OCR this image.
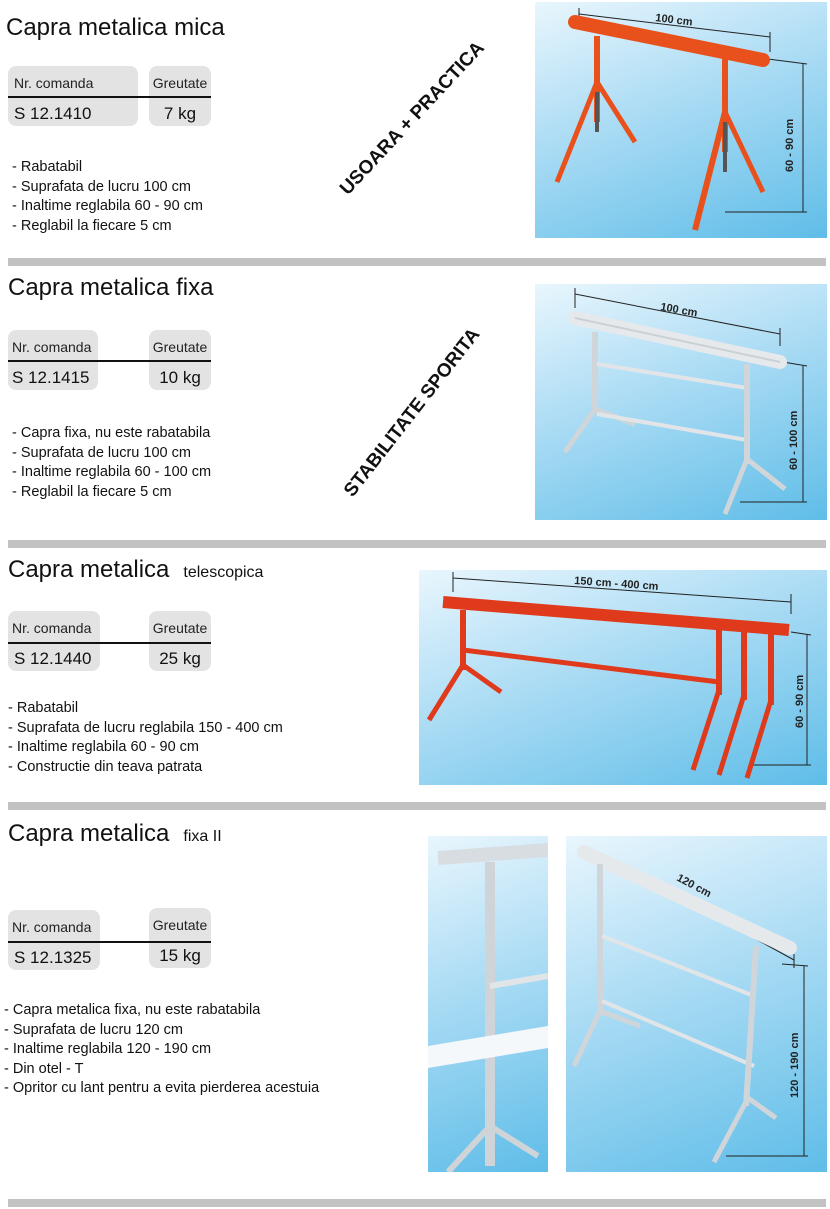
Capra metalica mica
Nr. comanda
S 12.1410
Greutate
7 kg
- Rabatabil
- Suprafata de lucru 100 cm
- Inaltime reglabila 60 - 90 cm
- Reglabil la fiecare 5 cm
USOARA + PRACTICA
100 cm
60 - 90 cm
Capra metalica fixa
Nr. comanda
S 12.1415
Greutate
10 kg
- Capra fixa, nu este rabatabila
- Suprafata de lucru 100 cm
- Inaltime reglabila 60 - 100 cm
- Reglabil la fiecare 5 cm	STABILITATE SPORITA
100 cm
60 - 100 cm
Capra metalica telescopica
Nr. comanda
S 12.1440
Greutate
25 kg
- Rabatabil
- Suprafata de lucru reglabila 150 - 400 cm
- Inaltime reglabila 60 - 90 cm
- Constructie din teava patrata
150 cm - 400 cm
60 - 90 cm
Capra metalica fixa II
Nr. comanda
S 12.1325
Greutate
15 kg
- Capra metalica fixa, nu este rabatabila
- Suprafata de lucru 120 cm
- Inaltime reglabila 120 - 190 cm
- Din otel - T
- Opritor cu lant pentru a evita pierderea acestuia
120 cm
120 - 190 cm
